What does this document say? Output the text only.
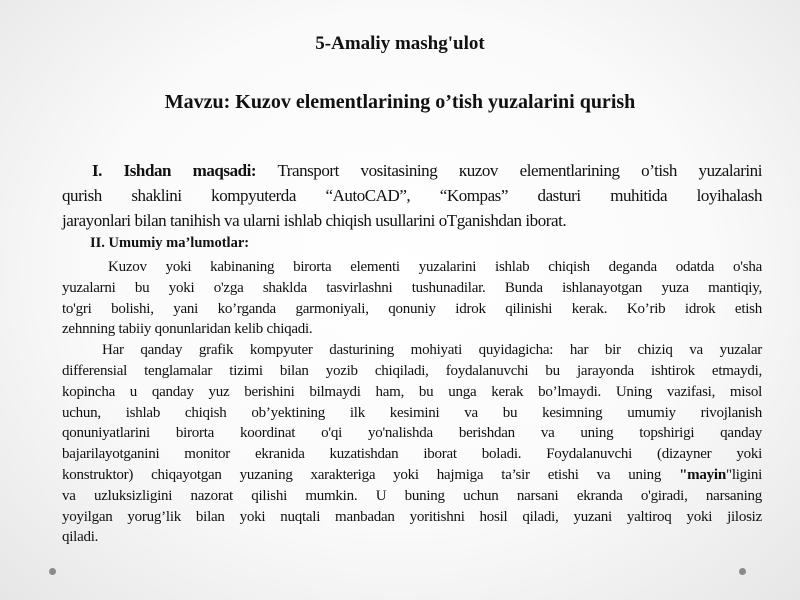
5-Amaliy mashg'ulot
Mavzu: Kuzov elementlarining o’tish yuzalarini qurish
I. Ishdan maqsadi: Transport vositasining кuzov elementlarining o’tish yuzalarini
qurish shaklini kompyuterda “AutoCAD”, “Kompas” dasturi muhitida loyihalash
jarayonlari bilan tanihish va ularni ishlab chiqish usullarini oTganishdan iborat.
II. Umumiy ma’lumotlar:
Kuzov yoki kabinaning birorta elementi yuzalarini ishlab chiqish deganda odatda o'sha
yuzalarni bu yoki o'zga shaklda tasvirlashni tushunadilar. Bunda ishlanayotgan yuza mantiqiy,
to'gri bolishi, yani ko’rganda garmoniyali, qonuniy idrok qilinishi kerak. Ko’rib idrok etish
zehnning tabiiy qonunlaridan kelib chiqadi.
Har qanday grafik kompyuter dasturining mohiyati quyidagicha: har bir chiziq va yuzalar
differensial tenglamalar tizimi bilan yozib chiqiladi, foydalanuvchi bu jarayonda ishtirok etmaydi,
kopincha u qanday yuz berishini bilmaydi ham, bu unga kerak bo’lmaydi. Uning vazifasi, misol
uchun, ishlab chiqish ob’yektining ilk kesimini va bu kesimning umumiy rivojlanish
qonuniyatlarini birorta koordinat o'qi yo'nalishda berishdan va uning topshirigi qanday
bajarilayotganini monitor ekranida kuzatishdan iborat boladi. Foydalanuvchi (dizayner yoki
konstruktor) chiqayotgan yuzaning xarakteriga yoki hajmiga ta’sir etishi va uning "mayin"ligini
va uzluksizligini nazorat qilishi mumkin. U buning uchun narsani ekranda o'giradi, narsaning
yoyilgan yorug’lik bilan yoki nuqtali manbadan yoritishni hosil qiladi, yuzani yaltiroq yoki jilosiz
qiladi.
